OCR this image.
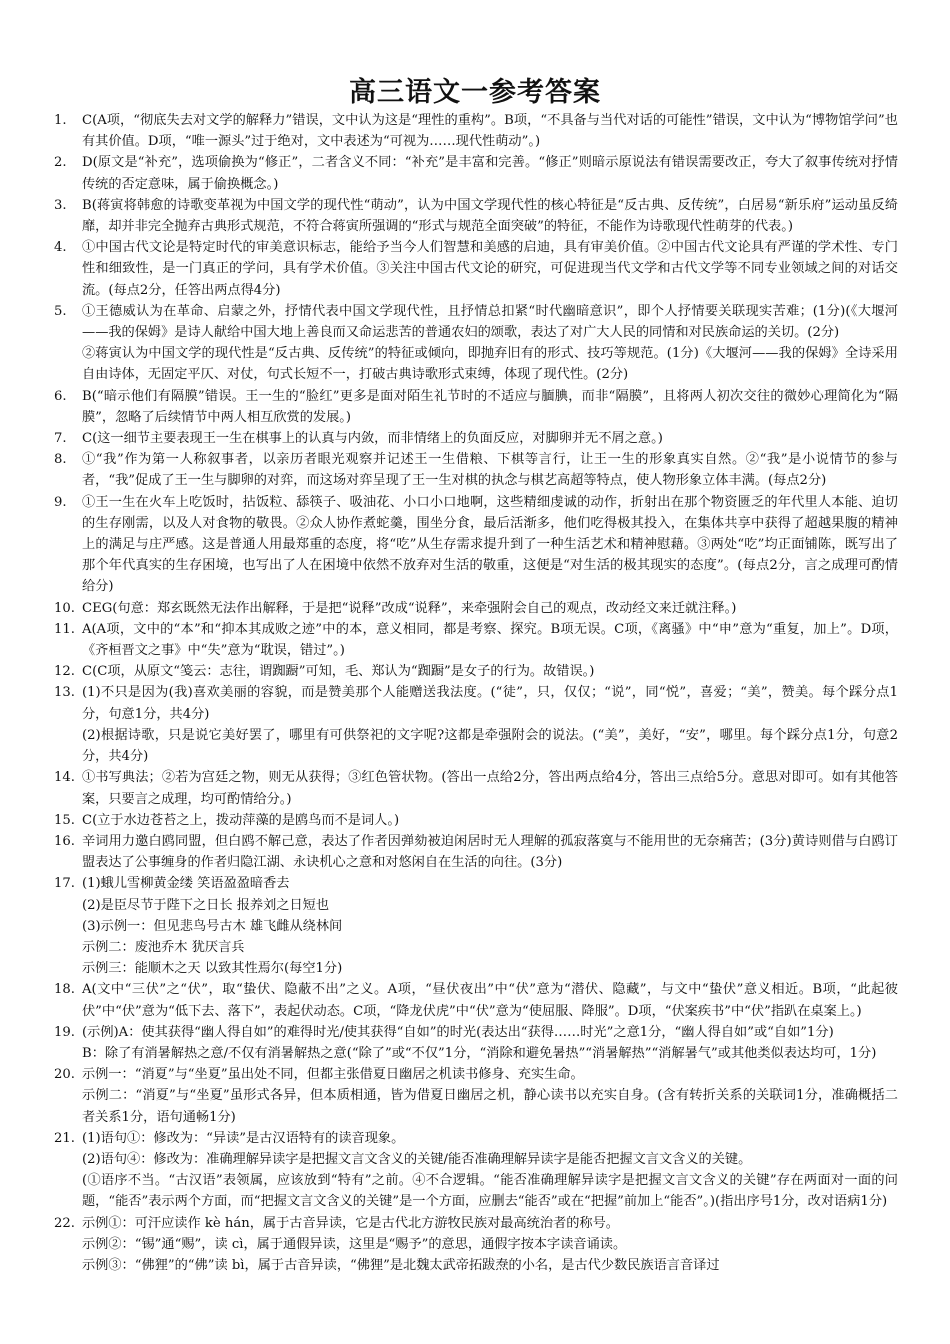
高三语文一参考答案
1.	C(A项，“彻底失去对文学的解释力”错误，文中认为这是“理性的重构”。B项，“不具备与当代对话的可能性”错误，文中认为“博物馆学问”也有其价值。D项，“唯一源头”过于绝对，文中表述为“可视为……现代性萌动”。)
2.	D(原文是“补充”，选项偷换为“修正”，二者含义不同：“补充”是丰富和完善。“修正”则暗示原说法有错误需要改正，夸大了叙事传统对抒情传统的否定意味，属于偷换概念。)
3.	B(蒋寅将韩愈的诗歌变革视为中国文学的现代性“萌动”，认为中国文学现代性的核心特征是“反古典、反传统”，白居易“新乐府”运动虽反绮靡，却并非完全抛弃古典形式规范，不符合蒋寅所强调的“形式与规范全面突破”的特征，不能作为诗歌现代性萌芽的代表。)
4.	①中国古代文论是特定时代的审美意识标志，能给予当今人们智慧和美感的启迪，具有审美价值。②中国古代文论具有严谨的学术性、专门性和细致性，是一门真正的学问，具有学术价值。③关注中国古代文论的研究，可促进现当代文学和古代文学等不同专业领域之间的对话交流。(每点2分，任答出两点得4分)
5.	①王德威认为在革命、启蒙之外，抒情代表中国文学现代性，且抒情总扣紧“时代幽暗意识”，即个人抒情要关联现实苦难；(1分)(《大堰河——我的保姆》是诗人献给中国大地上善良而又命运悲苦的普通农妇的颂歌，表达了对广大人民的同情和对民族命运的关切。(2分)
②蒋寅认为中国文学的现代性是“反古典、反传统”的特征或倾向，即抛弃旧有的形式、技巧等规范。(1分)《大堰河——我的保姆》全诗采用自由诗体，无固定平仄、对仗，句式长短不一，打破古典诗歌形式束缚，体现了现代性。(2分)
6.	B(“暗示他们有隔膜”错误。王一生的“脸红”更多是面对陌生礼节时的不适应与腼腆，而非“隔膜”，且将两人初次交往的微妙心理简化为“隔膜”，忽略了后续情节中两人相互欣赏的发展。)
7.	C(这一细节主要表现王一生在棋事上的认真与内敛，而非情绪上的负面反应，对脚卵并无不屑之意。)
8.	①“我”作为第一人称叙事者，以亲历者眼光观察并记述王一生借粮、下棋等言行，让王一生的形象真实自然。②“我”是小说情节的参与者，“我”促成了王一生与脚卵的对弈，而这场对弈呈现了王一生对棋的执念与棋艺高超等特点，使人物形象立体丰满。(每点2分)
9.	①王一生在火车上吃饭时，拈饭粒、舔筷子、吸油花、小口小口地啊，这些精细虔诚的动作，折射出在那个物资匮乏的年代里人本能、迫切的生存刚需，以及人对食物的敬畏。②众人协作煮蛇羹，围坐分食，最后活渐多，他们吃得极其投入，在集体共享中获得了超越果腹的精神上的满足与庄严感。这是普通人用最郑重的态度，将“吃”从生存需求提升到了一种生活艺术和精神慰藉。③两处“吃”均正面铺陈，既写出了那个年代真实的生存困境，也写出了人在困境中依然不放弃对生活的敬重，这便是“对生活的极其现实的态度”。(每点2分，言之成理可酌情给分)
10. CEG(句意：郑玄既然无法作出解释，于是把“说释”改成“说释”，来牵强附会自己的观点，改动经文来迁就注释。)
11. A(A项，文中的“本”和“抑本其成败之迹”中的本，意义相同，都是考察、探究。B项无误。C项，《离骚》中“申”意为“重复，加上”。D项，《齐桓晋文之事》中“失”意为“耽误，错过”。)
12. C(C项，从原文“笺云：志往，谓踟蹰”可知，毛、郑认为“踟蹰”是女子的行为。故错误。)
13. (1)不只是因为(我)喜欢美丽的容貌，而是赞美那个人能赠送我法度。(“徒”，只，仅仅；“说”，同“悦”，喜爱；“美”，赞美。每个踩分点1分，句意1分，共4分)
(2)根据诗歌，只是说它美好罢了，哪里有可供祭祀的文字呢?这都是牵强附会的说法。(“美”，美好，“安”，哪里。每个踩分点1分，句意2分，共4分)
14. ①书写典法；②若为宫廷之物，则无从获得；③红色管状物。(答出一点给2分，答出两点给4分，答出三点给5分。意思对即可。如有其他答案，只要言之成理，均可酌情给分。)
15. C(立于水边苍苔之上，拨动萍藻的是鸥鸟而不是词人。)
16. 辛词用力邀白鸥同盟，但白鸥不解己意，表达了作者因弹劾被迫闲居时无人理解的孤寂落寞与不能用世的无奈痛苦；(3分)黄诗则借与白鸥订盟表达了公事缠身的作者归隐江湖、永诀机心之意和对悠闲自在生活的向往。(3分)
17. (1)蛾儿雪柳黄金缕 笑语盈盈暗香去
(2)是臣尽节于陛下之日长 报养刘之日短也
(3)示例一：但见悲鸟号古木 雄飞雌从绕林间
示例二：废池乔木 犹厌言兵
示例三：能顺木之天 以致其性焉尔(每空1分)
18. A(文中“三伏”之“伏”，取“蛰伏、隐蔽不出”之义。A项，“昼伏夜出”中“伏”意为“潜伏、隐藏”，与文中“蛰伏”意义相近。B项，“此起彼伏”中“伏”意为“低下去、落下”，表起伏动态。C项，“降龙伏虎”中“伏”意为“使屈服、降服”。D项，“伏案疾书”中“伏”指趴在桌案上。)
19. (示例)A：使其获得“幽人得自如”的难得时光/使其获得“自如”的时光(表达出“获得……时光”之意1分，“幽人得自如”或“自如”1分)
B：除了有消暑解热之意/不仅有消暑解热之意(“除了”或“不仅”1分，“消除和避免暑热”“消暑解热”“消解暑气”或其他类似表达均可，1分)
20. 示例一：“消夏”与“坐夏”虽出处不同，但都主张借夏日幽居之机读书修身、充实生命。
示例二：“消夏”与“坐夏”虽形式各异，但本质相通，皆为借夏日幽居之机，静心读书以充实自身。(含有转折关系的关联词1分，准确概括二者关系1分，语句通畅1分)
21. (1)语句①：修改为：“异读”是古汉语特有的读音现象。
(2)语句④：修改为：准确理解异读字是把握文言文含义的关键/能否准确理解异读字是能否把握文言文含义的关键。
(①语序不当。“古汉语”表领属，应该放到“特有”之前。④不合逻辑。“能否准确理解异读字是把握文言文含义的关键”存在两面对一面的问题，“能否”表示两个方面，而“把握文言文含义的关键”是一个方面，应删去“能否”或在“把握”前加上“能否”。)(指出序号1分，改对语病1分)
22. 示例①：可汗应读作 kè hán，属于古音异读，它是古代北方游牧民族对最高统治者的称号。
示例②：“锡”通“赐”，读 cì，属于通假异读，这里是“赐予”的意思，通假字按本字读音诵读。
示例③：“佛狸”的“佛”读 bì，属于古音异读，“佛狸”是北魏太武帝拓跋焘的小名，是古代少数民族语言音译过
